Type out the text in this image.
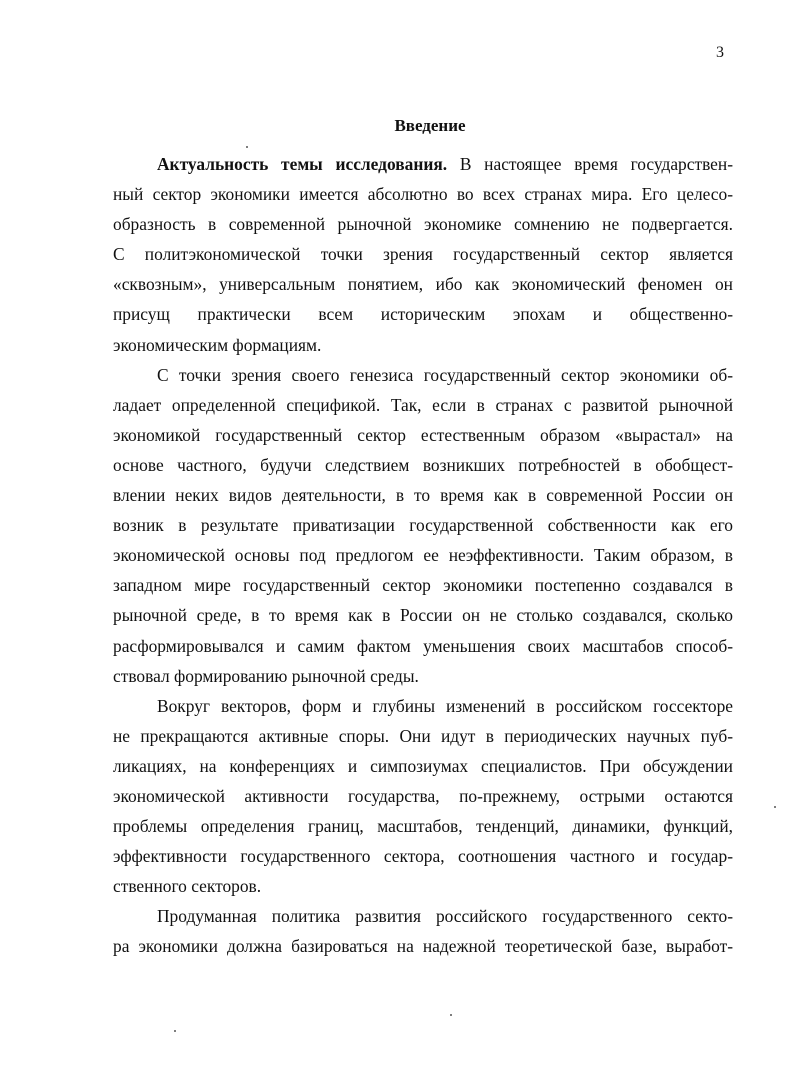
3
Введение
Актуальность темы исследования. В настоящее время государствен-
ный сектор экономики имеется абсолютно во всех странах мира. Его целесо-
образность в современной рыночной экономике сомнению не подвергается.
С политэкономической точки зрения государственный сектор является
«сквозным», универсальным понятием, ибо как экономический феномен он
присущ практически всем историческим эпохам и общественно-
экономическим формациям.
С точки зрения своего генезиса государственный сектор экономики об-
ладает определенной спецификой. Так, если в странах с развитой рыночной
экономикой государственный сектор естественным образом «вырастал» на
основе частного, будучи следствием возникших потребностей в обобщест-
влении неких видов деятельности, в то время как в современной России он
возник в результате приватизации государственной собственности как его
экономической основы под предлогом ее неэффективности. Таким образом, в
западном мире государственный сектор экономики постепенно создавался в
рыночной среде, в то время как в России он не столько создавался, сколько
расформировывался и самим фактом уменьшения своих масштабов способ-
ствовал формированию рыночной среды.
Вокруг векторов, форм и глубины изменений в российском госсекторе
не прекращаются активные споры. Они идут в периодических научных пуб-
ликациях, на конференциях и симпозиумах специалистов. При обсуждении
экономической активности государства, по-прежнему, острыми остаются
проблемы определения границ, масштабов, тенденций, динамики, функций,
эффективности государственного сектора, соотношения частного и государ-
ственного секторов.
Продуманная политика развития российского государственного секто-
ра экономики должна базироваться на надежной теоретической базе, выработ-
